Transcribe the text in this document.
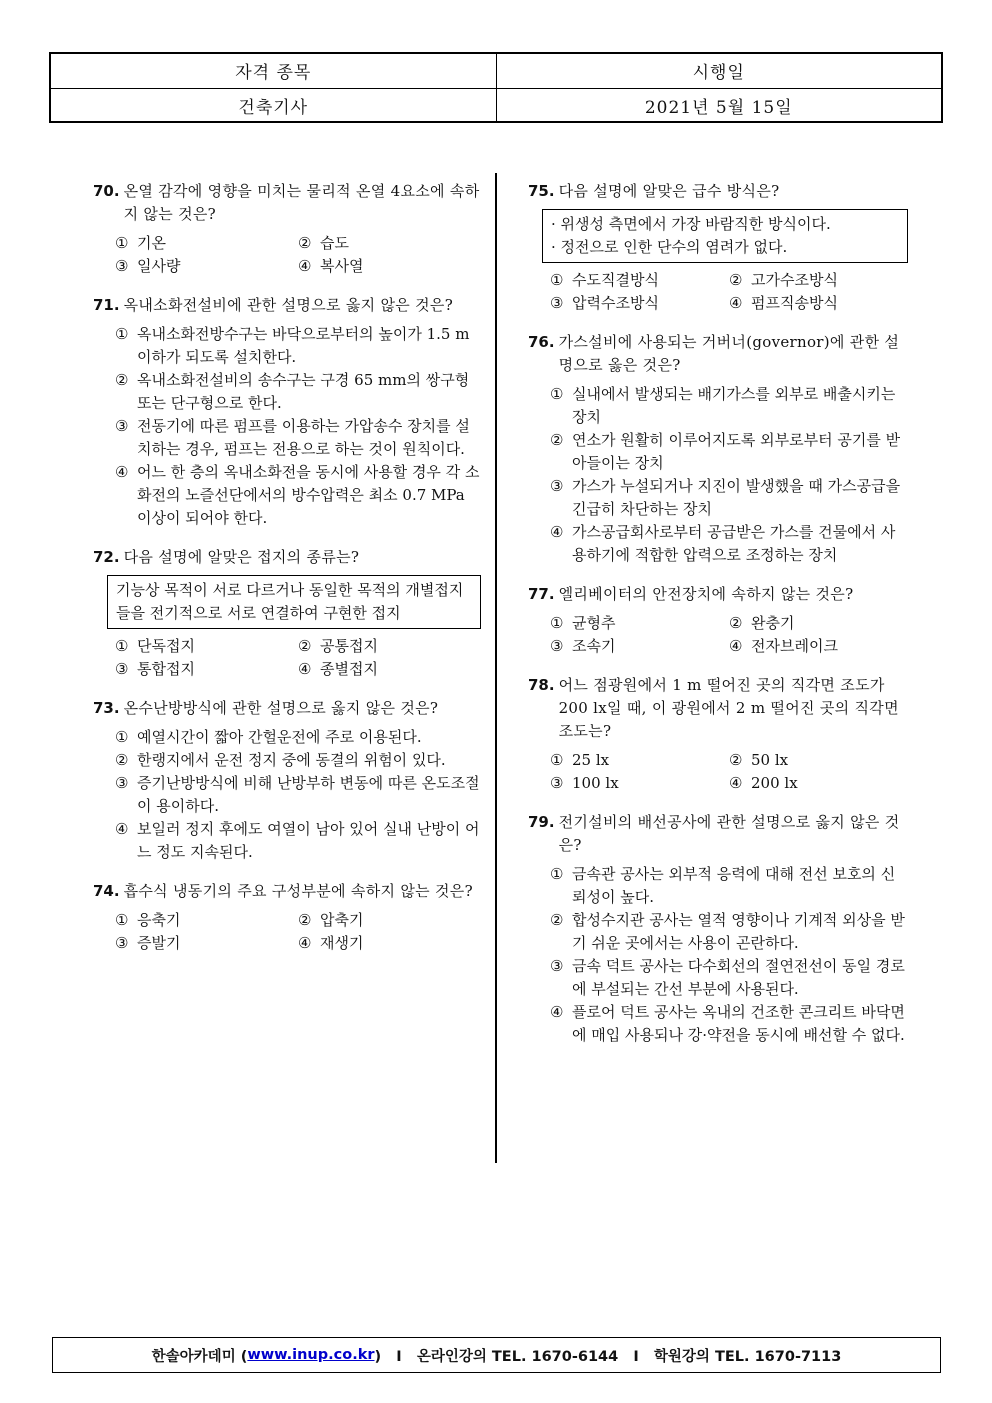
자격 종목	시행일
건축기사	2021년 5월 15일
70. 온열 감각에 영향을 미치는 물리적 온열 4요소에 속하지 않는 것은?
① 기온	② 습도
③ 일사량	④ 복사열
71. 옥내소화전설비에 관한 설명으로 옳지 않은 것은?
① 옥내소화전방수구는 바닥으로부터의 높이가 1.5 m 이하가 되도록 설치한다.
② 옥내소화전설비의 송수구는 구경 65 mm의 쌍구형 또는 단구형으로 한다.
③ 전동기에 따른 펌프를 이용하는 가압송수 장치를 설치하는 경우, 펌프는 전용으로 하는 것이 원칙이다.
④ 어느 한 층의 옥내소화전을 동시에 사용할 경우 각 소화전의 노즐선단에서의 방수압력은 최소 0.7 MPa 이상이 되어야 한다.
72. 다음 설명에 알맞은 접지의 종류는?
기능상 목적이 서로 다르거나 동일한 목적의 개별접지들을 전기적으로 서로 연결하여 구현한 접지
① 단독접지	② 공통접지
③ 통합접지	④ 종별접지
73. 온수난방방식에 관한 설명으로 옳지 않은 것은?
① 예열시간이 짧아 간헐운전에 주로 이용된다.
② 한랭지에서 운전 정지 중에 동결의 위험이 있다.
③ 증기난방방식에 비해 난방부하 변동에 따른 온도조절이 용이하다.
④ 보일러 정지 후에도 여열이 남아 있어 실내 난방이 어느 정도 지속된다.
74. 흡수식 냉동기의 주요 구성부분에 속하지 않는 것은?
① 응축기	② 압축기
③ 증발기	④ 재생기
75. 다음 설명에 알맞은 급수 방식은?
· 위생성 측면에서 가장 바람직한 방식이다.
· 정전으로 인한 단수의 염려가 없다.
① 수도직결방식	② 고가수조방식
③ 압력수조방식	④ 펌프직송방식
76. 가스설비에 사용되는 거버너(governor)에 관한 설명으로 옳은 것은?
① 실내에서 발생되는 배기가스를 외부로 배출시키는 장치
② 연소가 원활히 이루어지도록 외부로부터 공기를 받아들이는 장치
③ 가스가 누설되거나 지진이 발생했을 때 가스공급을 긴급히 차단하는 장치
④ 가스공급회사로부터 공급받은 가스를 건물에서 사용하기에 적합한 압력으로 조정하는 장치
77. 엘리베이터의 안전장치에 속하지 않는 것은?
① 균형추	② 완충기
③ 조속기	④ 전자브레이크
78. 어느 점광원에서 1 m 떨어진 곳의 직각면 조도가 200 lx일 때, 이 광원에서 2 m 떨어진 곳의 직각면 조도는?
① 25 lx	② 50 lx
③ 100 lx	④ 200 lx
79. 전기설비의 배선공사에 관한 설명으로 옳지 않은 것은?
① 금속관 공사는 외부적 응력에 대해 전선 보호의 신뢰성이 높다.
② 합성수지관 공사는 열적 영향이나 기계적 외상을 받기 쉬운 곳에서는 사용이 곤란하다.
③ 금속 덕트 공사는 다수회선의 절연전선이 동일 경로에 부설되는 간선 부분에 사용된다.
④ 플로어 덕트 공사는 옥내의 건조한 콘크리트 바닥면에 매입 사용되나 강·약전을 동시에 배선할 수 없다.
한솔아카데미 ( www.inup.co.kr )   I   온라인강의 TEL. 1670-6144   I   학원강의 TEL. 1670-7113
